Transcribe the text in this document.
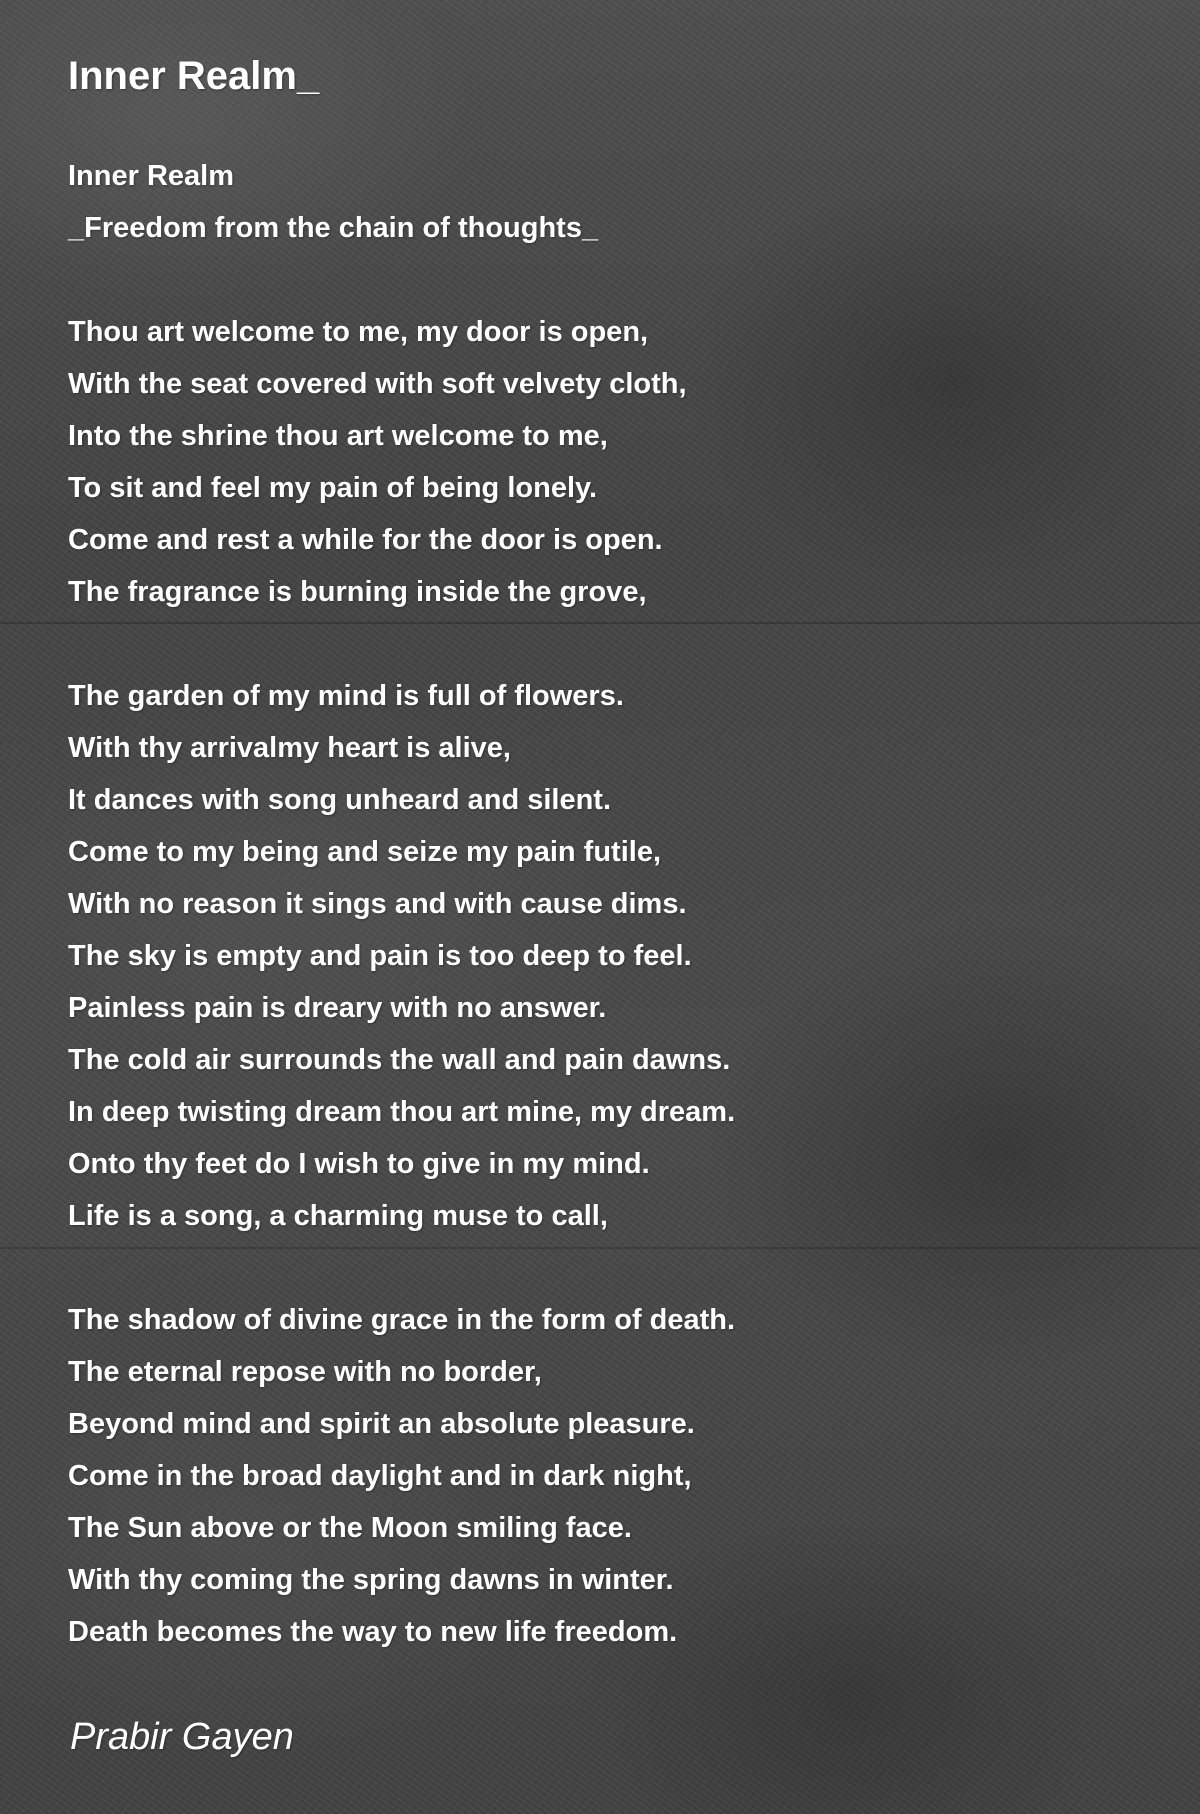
Inner Realm_
Inner Realm
_Freedom from the chain of thoughts_
Thou art welcome to me, my door is open,
With the seat covered with soft velvety cloth,
Into the shrine thou art welcome to me,
To sit and feel my pain of being lonely.
Come and rest a while for the door is open.
The fragrance is burning inside the grove,
The garden of my mind is full of flowers.
With thy arrivalmy heart is alive,
It dances with song unheard and silent.
Come to my being and seize my pain futile,
With no reason it sings and with cause dims.
The sky is empty and pain is too deep to feel.
Painless pain is dreary with no answer.
The cold air surrounds the wall and pain dawns.
In deep twisting dream thou art mine, my dream.
Onto thy feet do I wish to give in my mind.
Life is a song, a charming muse to call,
The shadow of divine grace in the form of death.
The eternal repose with no border,
Beyond mind and spirit an absolute pleasure.
Come in the broad daylight and in dark night,
The Sun above or the Moon smiling face.
With thy coming the spring dawns in winter.
Death becomes the way to new life freedom.
Prabir Gayen
